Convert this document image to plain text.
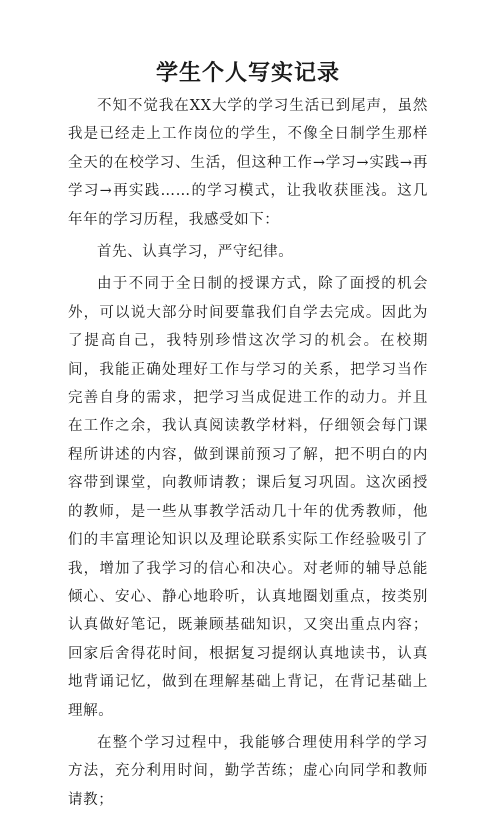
学生个人写实记录

不知不觉我在XX大学的学习生活已到尾声，虽然我是已经走上工作岗位的学生，不像全日制学生那样全天的在校学习、生活，但这种工作→学习→实践→再学习→再实践……的学习模式，让我收获匪浅。这几年年的学习历程，我感受如下：

首先、认真学习，严守纪律。

由于不同于全日制的授课方式，除了面授的机会外，可以说大部分时间要靠我们自学去完成。因此为了提高自己，我特别珍惜这次学习的机会。在校期间，我能正确处理好工作与学习的关系，把学习当作完善自身的需求，把学习当成促进工作的动力。并且在工作之余，我认真阅读教学材料，仔细领会每门课程所讲述的内容，做到课前预习了解，把不明白的内容带到课堂，向教师请教；课后复习巩固。这次函授的教师，是一些从事教学活动几十年的优秀教师，他们的丰富理论知识以及理论联系实际工作经验吸引了我，增加了我学习的信心和决心。对老师的辅导总能倾心、安心、静心地聆听，认真地圈划重点，按类别认真做好笔记，既兼顾基础知识，又突出重点内容；回家后舍得花时间，根据复习提纲认真地读书，认真地背诵记忆，做到在理解基础上背记，在背记基础上理解。

在整个学习过程中，我能够合理使用科学的学习方法，充分利用时间，勤学苦练；虚心向同学和教师请教；
